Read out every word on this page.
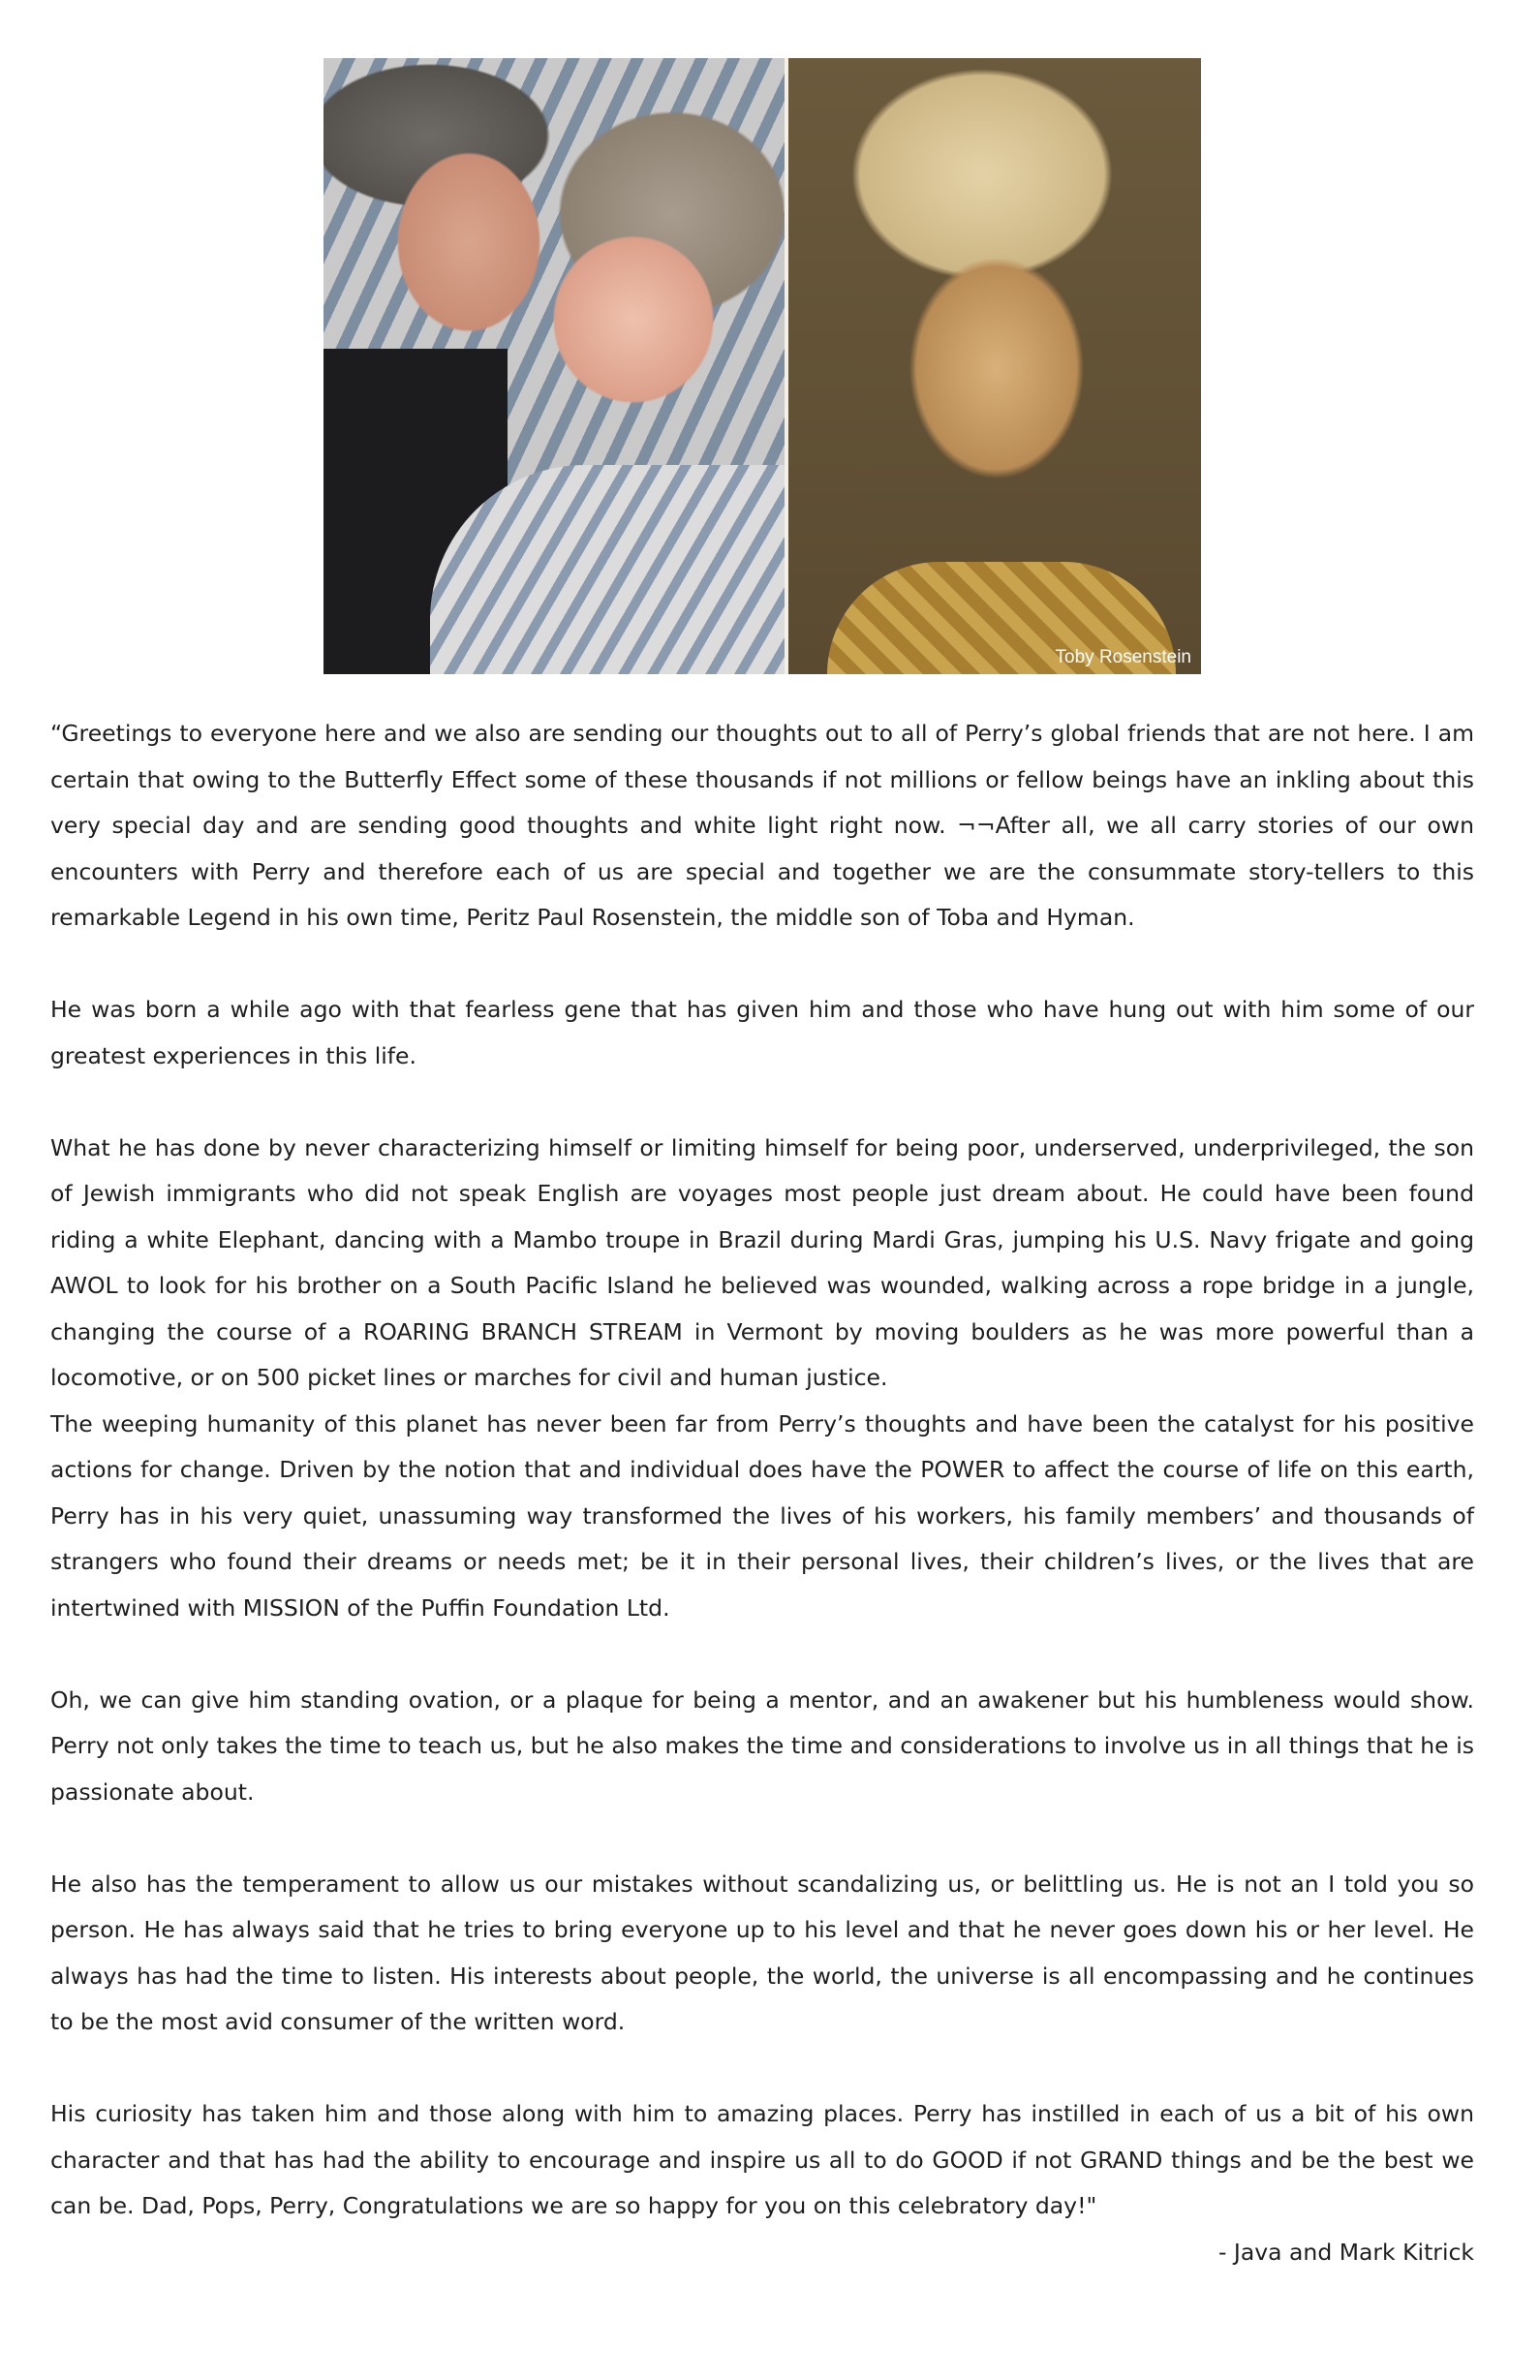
Toby Rosenstein

“Greetings to everyone here and we also are sending our thoughts out to all of Perry’s global friends that are not here. I am certain that owing to the Butterfly Effect some of these thousands if not millions or fellow beings have an inkling about this very special day and are sending good thoughts and white light right now. ¬¬After all, we all carry stories of our own encounters with Perry and therefore each of us are special and together we are the consummate story-tellers to this remarkable Legend in his own time, Peritz Paul Rosenstein, the middle son of Toba and Hyman.

He was born a while ago with that fearless gene that has given him and those who have hung out with him some of our greatest experiences in this life.

What he has done by never characterizing himself or limiting himself for being poor, underserved, underprivileged, the son of Jewish immigrants who did not speak English are voyages most people just dream about. He could have been found riding a white Elephant, dancing with a Mambo troupe in Brazil during Mardi Gras, jumping his U.S. Navy frigate and going AWOL to look for his brother on a South Pacific Island he believed was wounded, walking across a rope bridge in a jungle, changing the course of a ROARING BRANCH STREAM in Vermont by moving boulders as he was more powerful than a locomotive, or on 500 picket lines or marches for civil and human justice.

The weeping humanity of this planet has never been far from Perry’s thoughts and have been the catalyst for his positive actions for change. Driven by the notion that and individual does have the POWER to affect the course of life on this earth, Perry has in his very quiet, unassuming way transformed the lives of his workers, his family members’ and thousands of strangers who found their dreams or needs met; be it in their personal lives, their children’s lives, or the lives that are intertwined with MISSION of the Puffin Foundation Ltd.

Oh, we can give him standing ovation, or a plaque for being a mentor, and an awakener but his humbleness would show. Perry not only takes the time to teach us, but he also makes the time and considerations to involve us in all things that he is passionate about.

He also has the temperament to allow us our mistakes without scandalizing us, or belittling us. He is not an I told you so person. He has always said that he tries to bring everyone up to his level and that he never goes down his or her level. He always has had the time to listen. His interests about people, the world, the universe is all encompassing and he continues to be the most avid consumer of the written word.

His curiosity has taken him and those along with him to amazing places. Perry has instilled in each of us a bit of his own character and that has had the ability to encourage and inspire us all to do GOOD if not GRAND things and be the best we can be. Dad, Pops, Perry, Congratulations we are so happy for you on this celebratory day!"

- Java and Mark Kitrick
